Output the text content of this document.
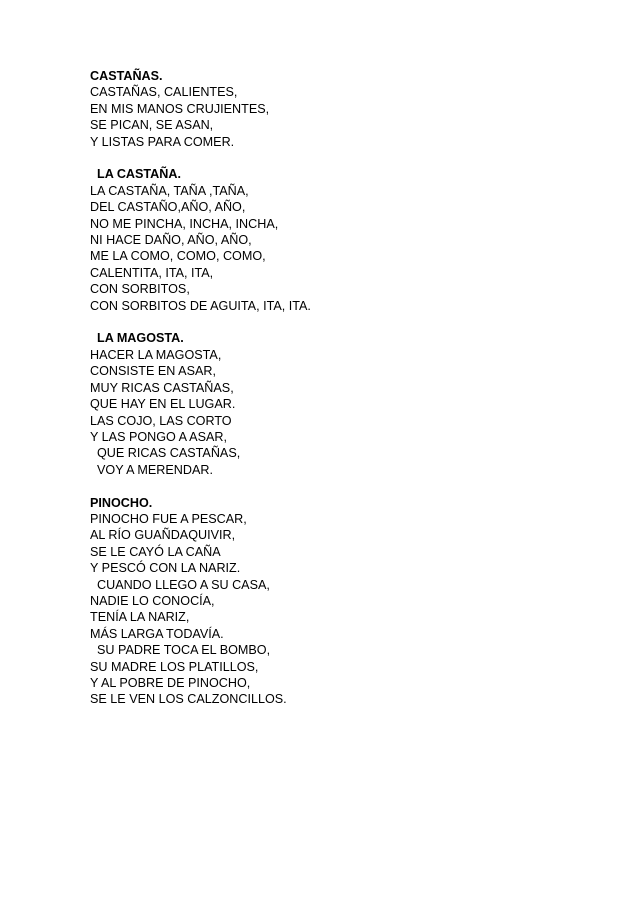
CASTAÑAS.
CASTAÑAS, CALIENTES,
EN MIS MANOS CRUJIENTES,
SE PICAN, SE ASAN,
Y LISTAS PARA COMER.
LA CASTAÑA.
LA CASTAÑA, TAÑA ,TAÑA,
DEL CASTAÑO,AÑO, AÑO,
NO ME PINCHA, INCHA, INCHA,
NI HACE DAÑO, AÑO, AÑO,
ME LA COMO, COMO, COMO,
CALENTITA, ITA, ITA,
CON SORBITOS,
CON SORBITOS DE AGUITA, ITA, ITA.
LA MAGOSTA.
HACER LA MAGOSTA,
CONSISTE EN ASAR,
MUY RICAS CASTAÑAS,
QUE HAY EN EL LUGAR.
LAS COJO, LAS CORTO
Y LAS PONGO A ASAR,
QUE RICAS CASTAÑAS,
VOY A MERENDAR.
PINOCHO.
PINOCHO FUE A PESCAR,
AL RÍO GUAÑDAQUIVIR,
SE LE CAYÓ LA CAÑA
Y PESCÓ CON LA NARIZ.
CUANDO LLEGO A SU CASA,
NADIE LO CONOCÍA,
TENÍA LA NARIZ,
MÁS LARGA TODAVÍA.
SU PADRE TOCA EL BOMBO,
SU MADRE LOS PLATILLOS,
Y AL POBRE DE PINOCHO,
SE LE VEN LOS CALZONCILLOS.
